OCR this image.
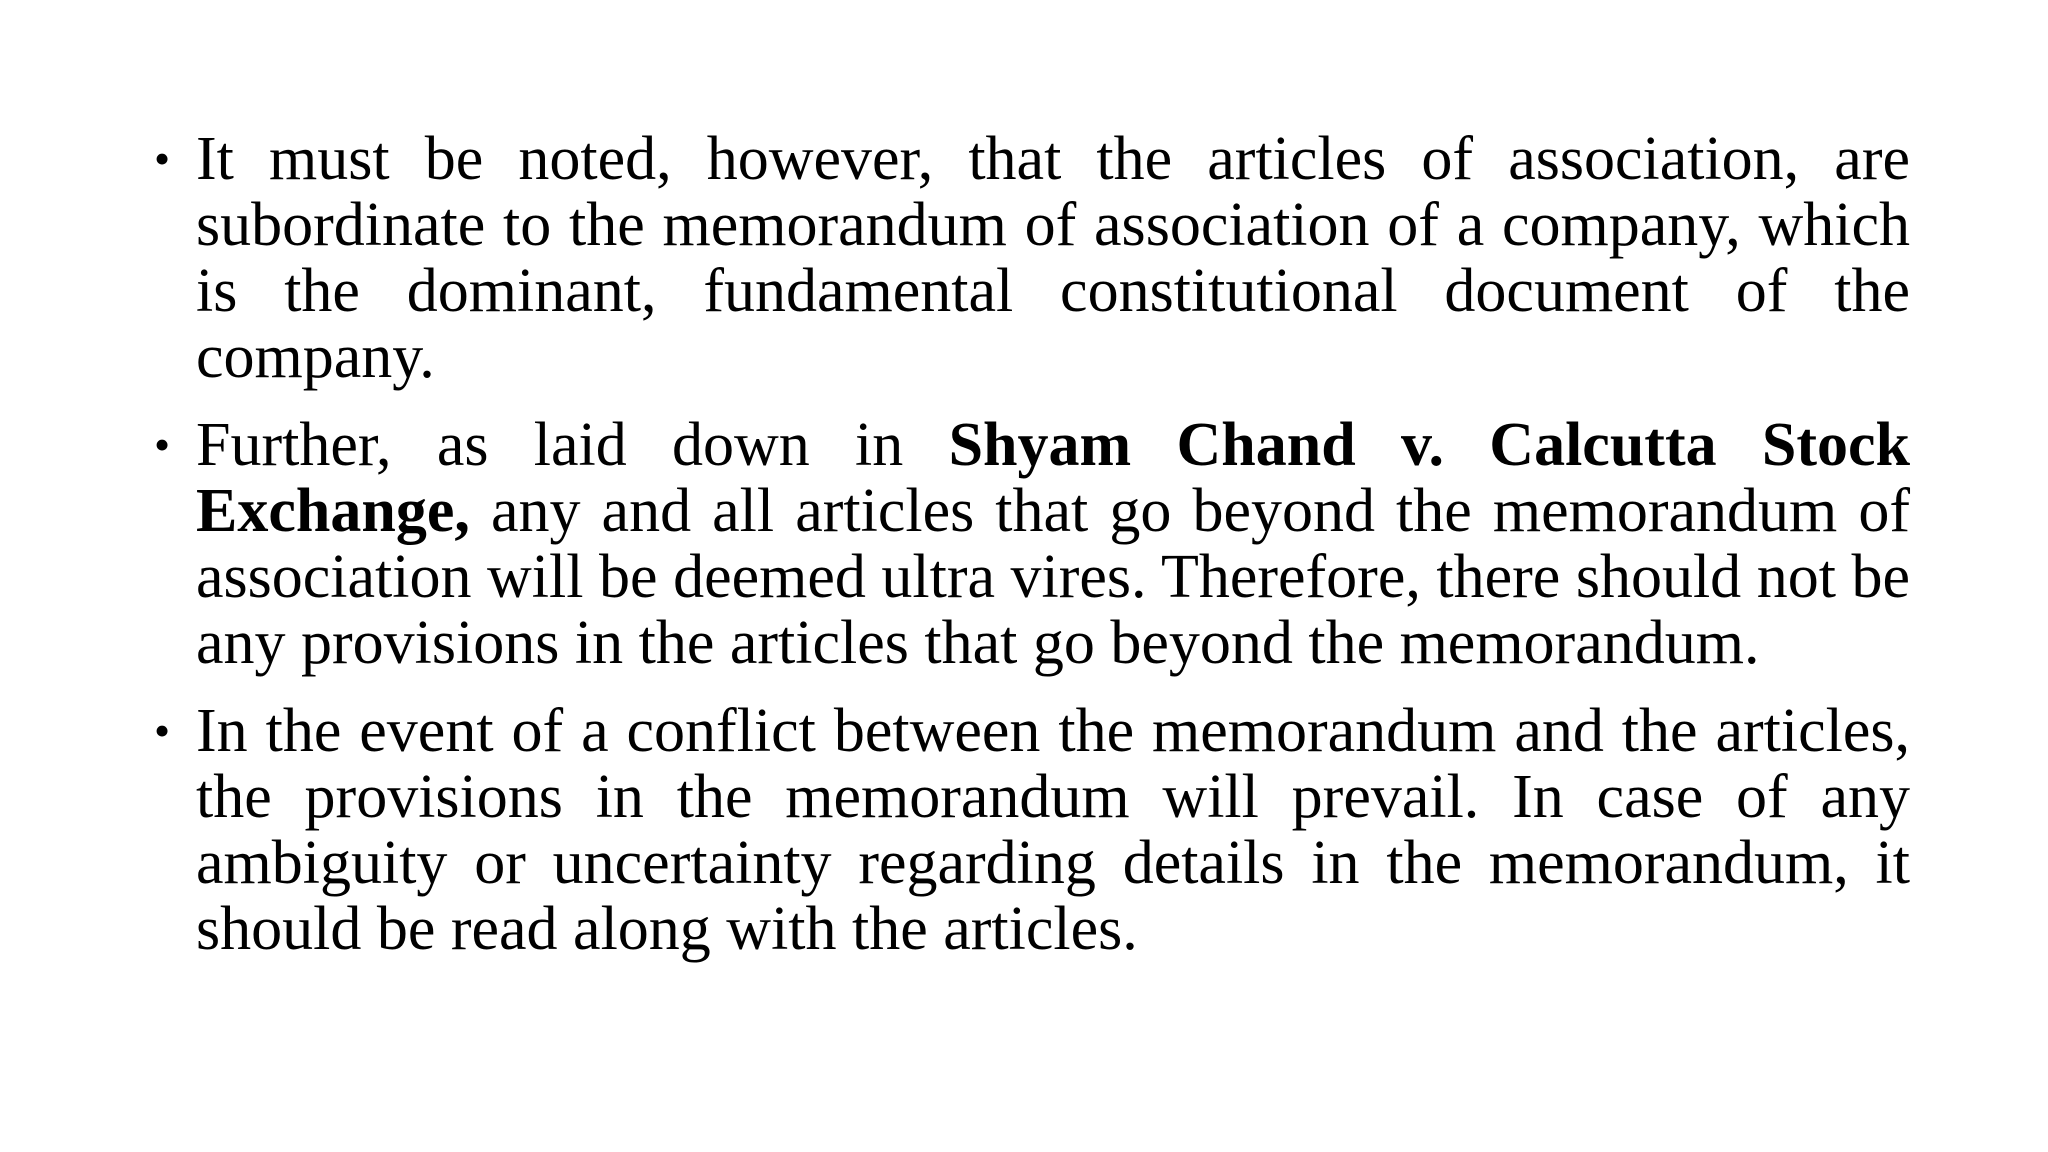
• It must be noted, however, that the articles of association, are subordinate to the memorandum of association of a company, which is the dominant, fundamental constitutional document of the company.
• Further, as laid down in Shyam Chand v. Calcutta Stock Exchange, any and all articles that go beyond the memorandum of association will be deemed ultra vires. Therefore, there should not be any provisions in the articles that go beyond the memorandum.
• In the event of a conflict between the memorandum and the articles, the provisions in the memorandum will prevail. In case of any ambiguity or uncertainty regarding details in the memorandum, it should be read along with the articles.
